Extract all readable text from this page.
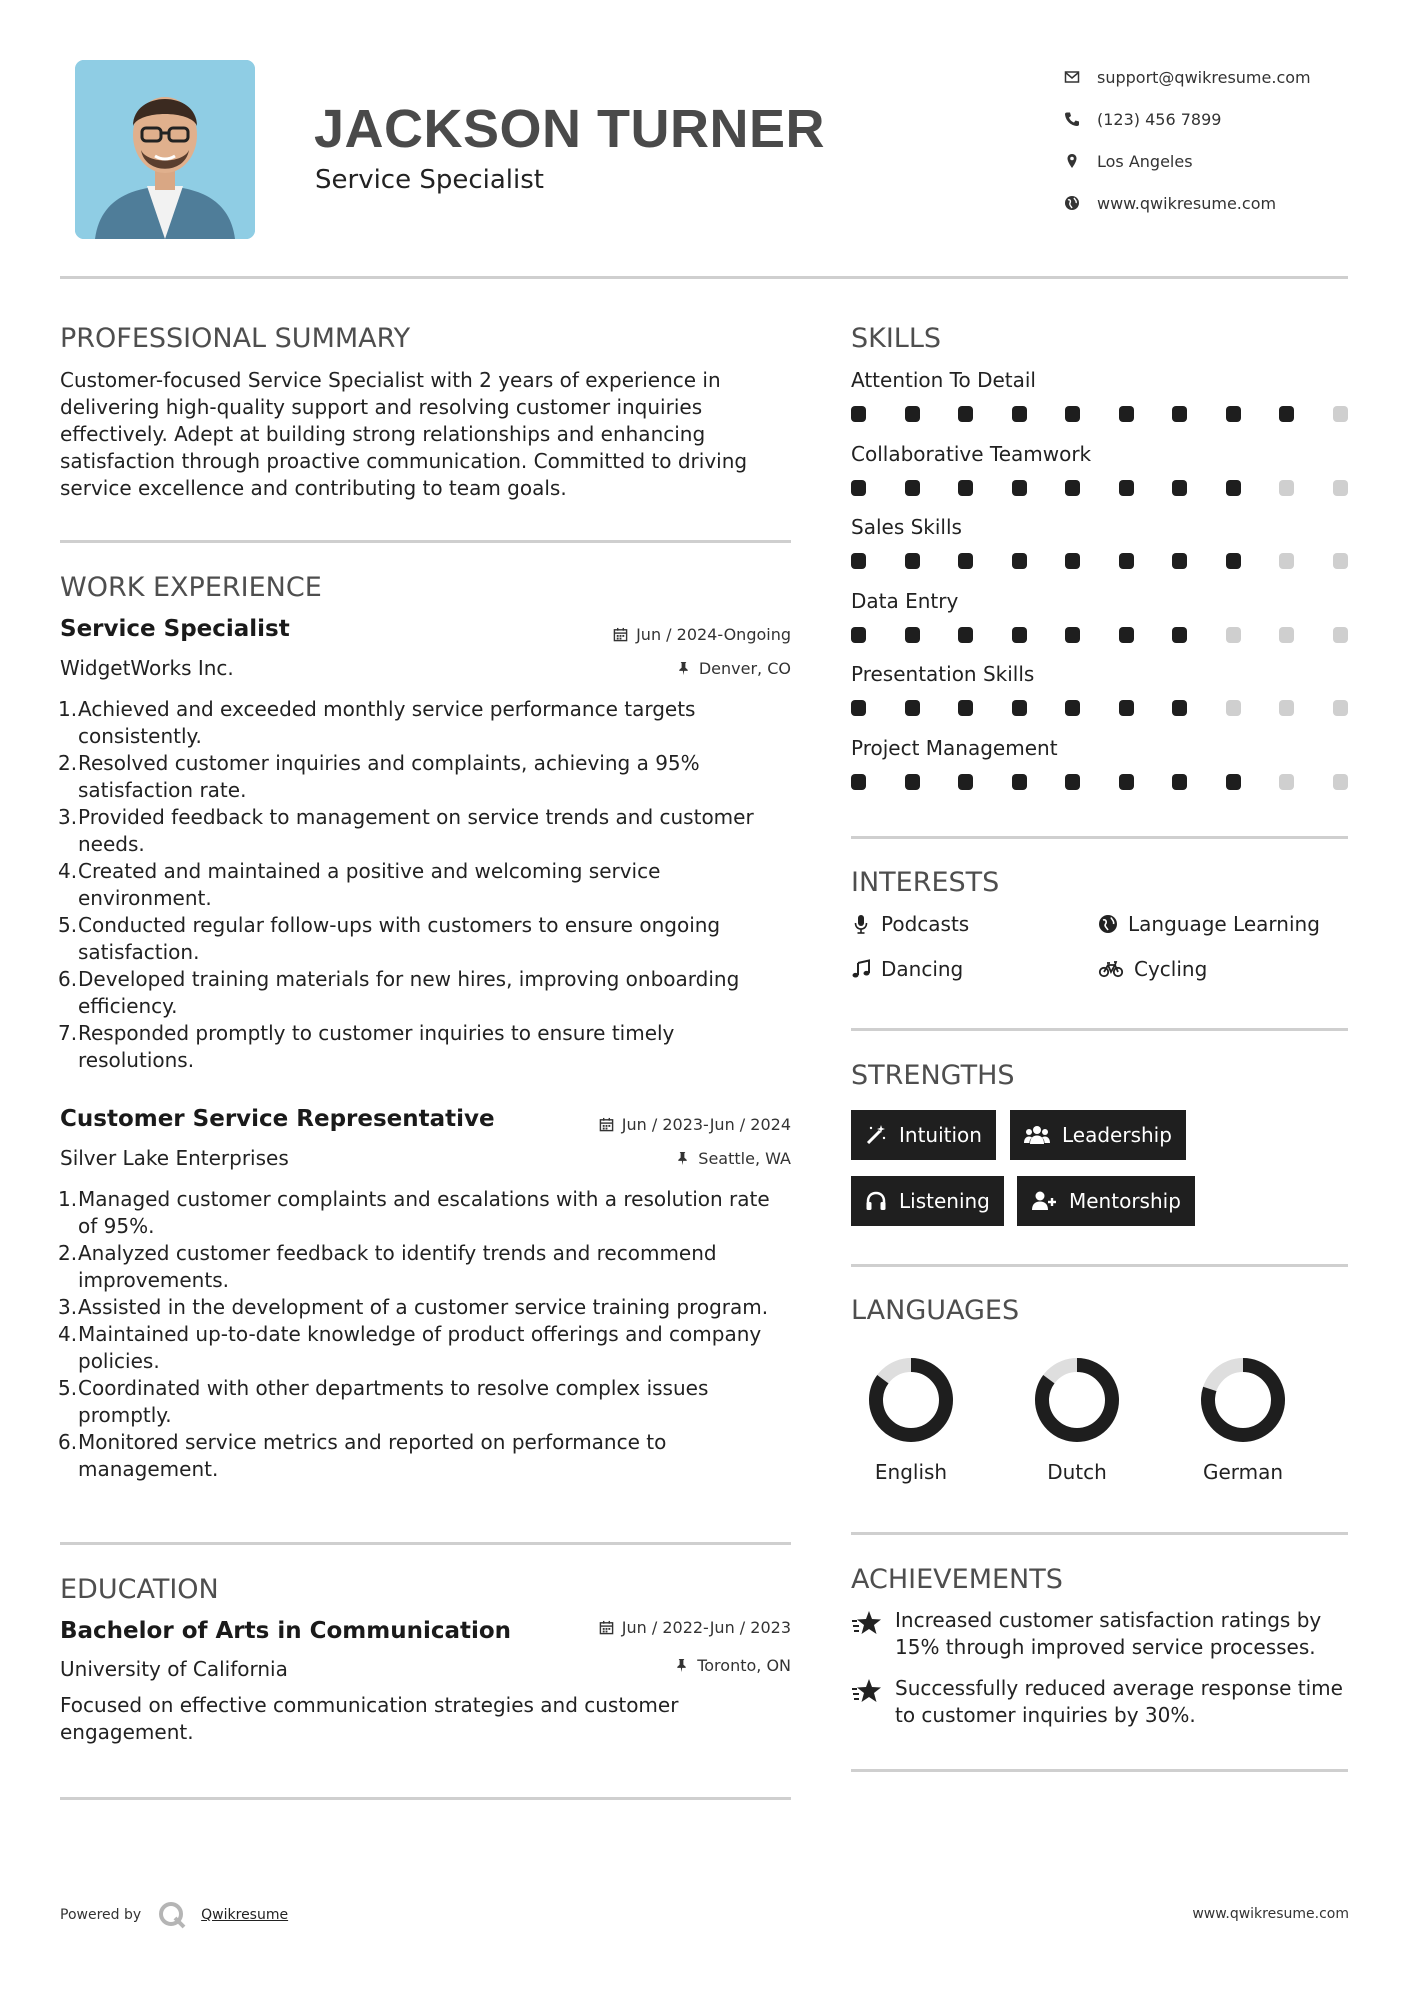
JACKSON TURNER
Service Specialist
support@qwikresume.com
(123) 456 7899
Los Angeles
www.qwikresume.com
PROFESSIONAL SUMMARY
Customer-focused Service Specialist with 2 years of experience in delivering high-quality support and resolving customer inquiries effectively. Adept at building strong relationships and enhancing satisfaction through proactive communication. Committed to driving service excellence and contributing to team goals.
WORK EXPERIENCE
Service Specialist	Jun / 2024-Ongoing
WidgetWorks Inc.	Denver, CO
1. Achieved and exceeded monthly service performance targets consistently.
2. Resolved customer inquiries and complaints, achieving a 95% satisfaction rate.
3. Provided feedback to management on service trends and customer needs.
4. Created and maintained a positive and welcoming service environment.
5. Conducted regular follow-ups with customers to ensure ongoing satisfaction.
6. Developed training materials for new hires, improving onboarding efficiency.
7. Responded promptly to customer inquiries to ensure timely resolutions.
Customer Service Representative	Jun / 2023-Jun / 2024
Silver Lake Enterprises	Seattle, WA
1. Managed customer complaints and escalations with a resolution rate of 95%.
2. Analyzed customer feedback to identify trends and recommend improvements.
3. Assisted in the development of a customer service training program.
4. Maintained up-to-date knowledge of product offerings and company policies.
5. Coordinated with other departments to resolve complex issues promptly.
6. Monitored service metrics and reported on performance to management.
EDUCATION
Bachelor of Arts in Communication	Jun / 2022-Jun / 2023
University of California	Toronto, ON
Focused on effective communication strategies and customer engagement.
SKILLS
Attention To Detail
Collaborative Teamwork
Sales Skills
Data Entry
Presentation Skills
Project Management
INTERESTS
Podcasts	Language Learning
Dancing	Cycling
STRENGTHS
Intuition	Leadership
Listening	Mentorship
LANGUAGES
English	Dutch	German
ACHIEVEMENTS
Increased customer satisfaction ratings by 15% through improved service processes.
Successfully reduced average response time to customer inquiries by 30%.
Powered by	Qwikresume	www.qwikresume.com
